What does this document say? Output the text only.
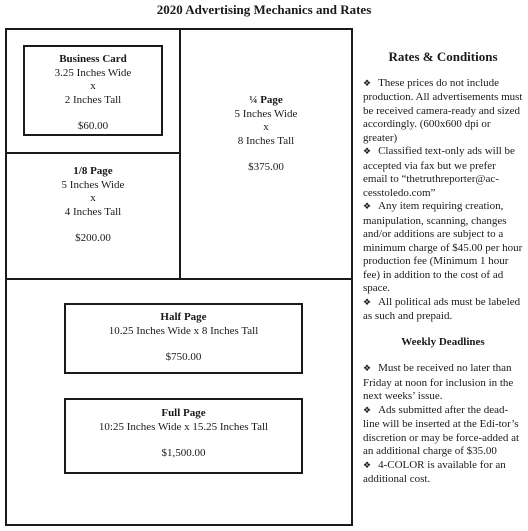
2020 Advertising Mechanics and Rates
Business Card
3.25 Inches Wide
x
2 Inches Tall
$60.00
1/8 Page
5 Inches Wide
x
4 Inches Tall
$200.00
¼ Page
5 Inches Wide
x
8 Inches Tall
$375.00
Half Page
10.25 Inches Wide x 8 Inches Tall
$750.00
Full Page
10:25 Inches Wide x 15.25 Inches Tall
$1,500.00
Rates & Conditions

❖ These prices do not include production. All advertisements must be received camera-ready and sized accordingly. (600x600 dpi or greater)

❖ Classified text-only ads will be accepted via fax but we prefer email to “thetruthreporter@ac-cesstoledo.com”

❖ Any item requiring creation, manipulation, scanning, changes and/or additions are subject to a minimum charge of $45.00 per hour production fee (Minimum 1 hour fee) in addition to the cost of ad space.

❖ All political ads must be labeled as such and prepaid.

Weekly Deadlines

❖ Must be received no later than Friday at noon for inclusion in the next weeks’ issue.

❖ Ads submitted after the dead-line will be inserted at the Edi-tor’s discretion or may be force-added at an additional charge of $35.00

❖ 4-COLOR is available for an additional cost.
